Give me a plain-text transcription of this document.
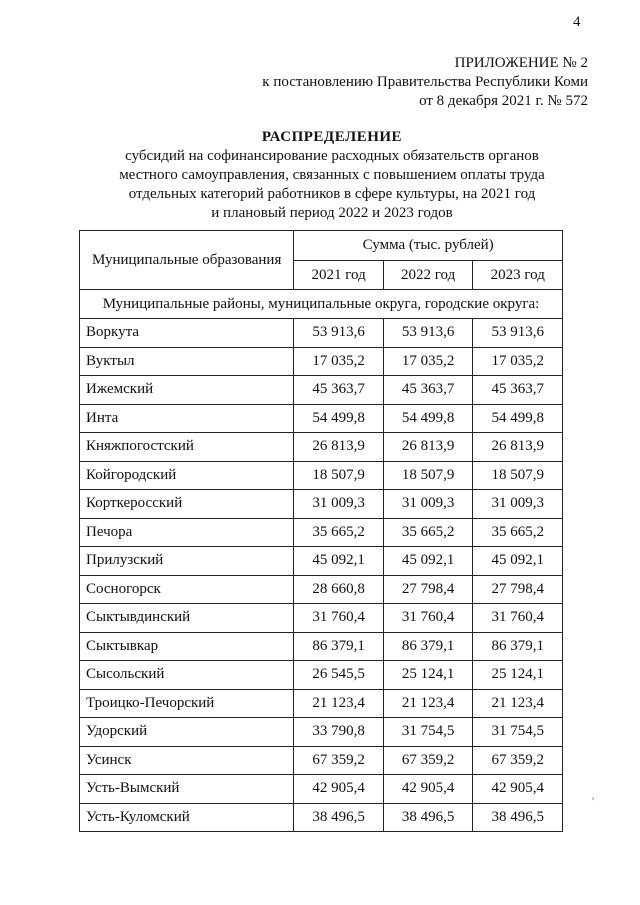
4
ПРИЛОЖЕНИЕ № 2
к постановлению Правительства Республики Коми
от 8 декабря 2021 г. № 572
РАСПРЕДЕЛЕНИЕ
субсидий на софинансирование расходных обязательств органов
местного самоуправления, связанных с повышением оплаты труда
отдельных категорий работников в сфере культуры, на 2021 год
и плановый период 2022 и 2023 годов
Муниципальные образования	Сумма (тыс. рублей)		
	2021 год	2022 год	2023 год
Муниципальные районы, муниципальные округа, городские округа:			
Воркута	53 913,6	53 913,6	53 913,6
Вуктыл	17 035,2	17 035,2	17 035,2
Ижемский	45 363,7	45 363,7	45 363,7
Инта	54 499,8	54 499,8	54 499,8
Княжпогостский	26 813,9	26 813,9	26 813,9
Койгородский	18 507,9	18 507,9	18 507,9
Корткеросский	31 009,3	31 009,3	31 009,3
Печора	35 665,2	35 665,2	35 665,2
Прилузский	45 092,1	45 092,1	45 092,1
Сосногорск	28 660,8	27 798,4	27 798,4
Сыктывдинский	31 760,4	31 760,4	31 760,4
Сыктывкар	86 379,1	86 379,1	86 379,1
Сысольский	26 545,5	25 124,1	25 124,1
Троицко-Печорский	21 123,4	21 123,4	21 123,4
Удорский	33 790,8	31 754,5	31 754,5
Усинск	67 359,2	67 359,2	67 359,2
Усть-Вымский	42 905,4	42 905,4	42 905,4
Усть-Куломский	38 496,5	38 496,5	38 496,5
'
